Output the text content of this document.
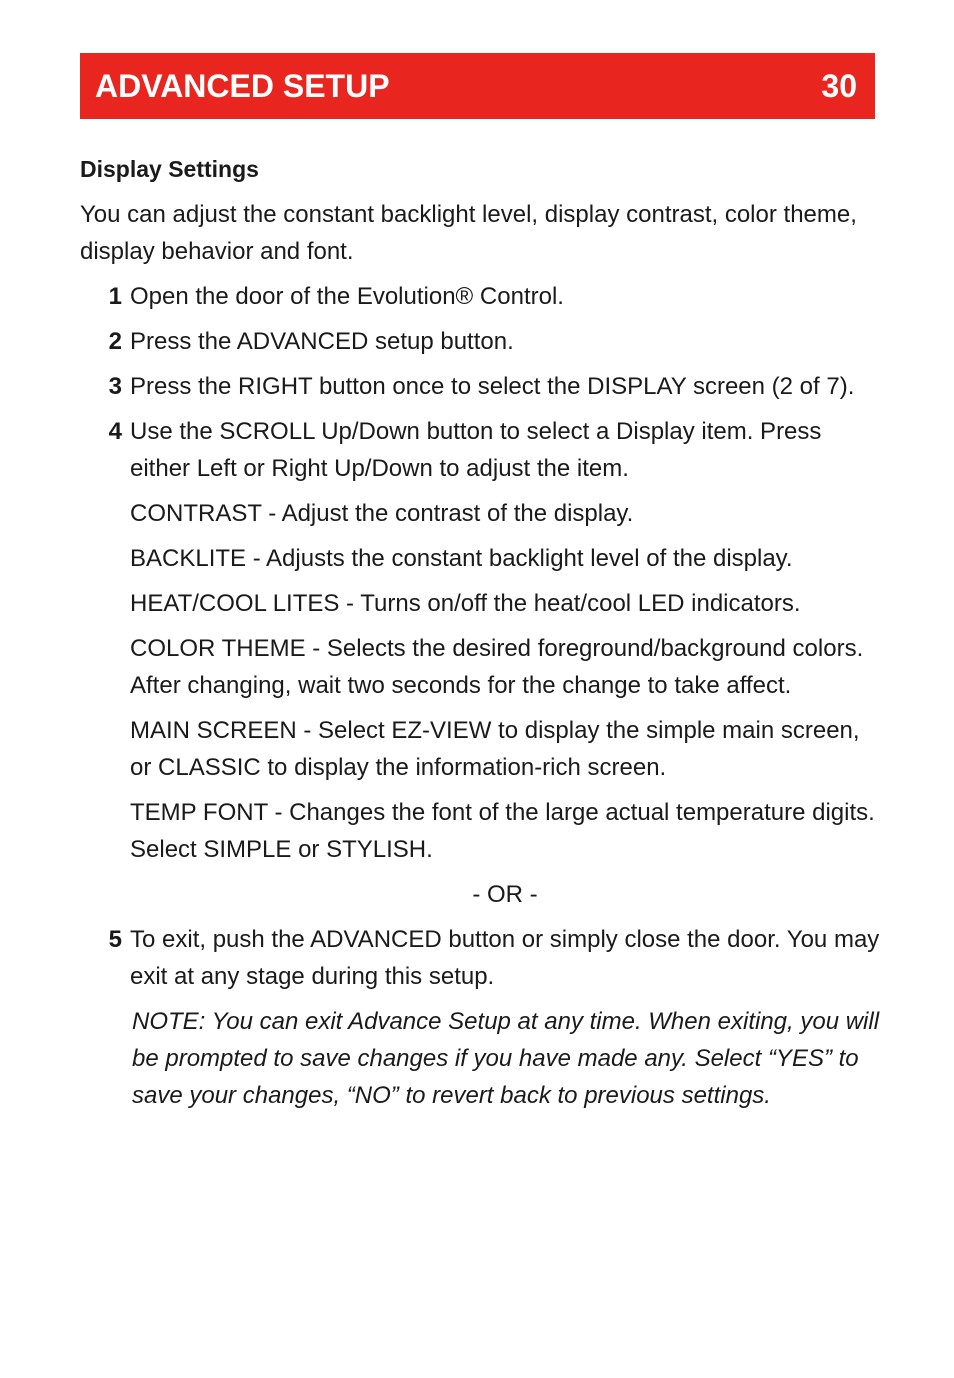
ADVANCED SETUP	30
Display Settings
You can adjust the constant backlight level, display contrast, color theme, display behavior and font.
1 Open the door of the Evolution® Control.
2 Press the ADVANCED setup button.
3 Press the RIGHT button once to select the DISPLAY screen (2 of 7).
4 Use the SCROLL Up/Down button to select a Display item. Press either Left or Right Up/Down to adjust the item.
CONTRAST - Adjust the contrast of the display.
BACKLITE - Adjusts the constant backlight level of the display.
HEAT/COOL LITES - Turns on/off the heat/cool LED indicators.
COLOR THEME - Selects the desired foreground/background colors. After changing, wait two seconds for the change to take affect.
MAIN SCREEN - Select EZ-VIEW to display the simple main screen, or CLASSIC to display the information-rich screen.
TEMP FONT - Changes the font of the large actual temperature digits. Select SIMPLE or STYLISH.
- OR -
5 To exit, push the ADVANCED button or simply close the door. You may exit at any stage during this setup.
NOTE: You can exit Advance Setup at any time. When exiting, you will be prompted to save changes if you have made any. Select “YES” to save your changes, “NO” to revert back to previous settings.
